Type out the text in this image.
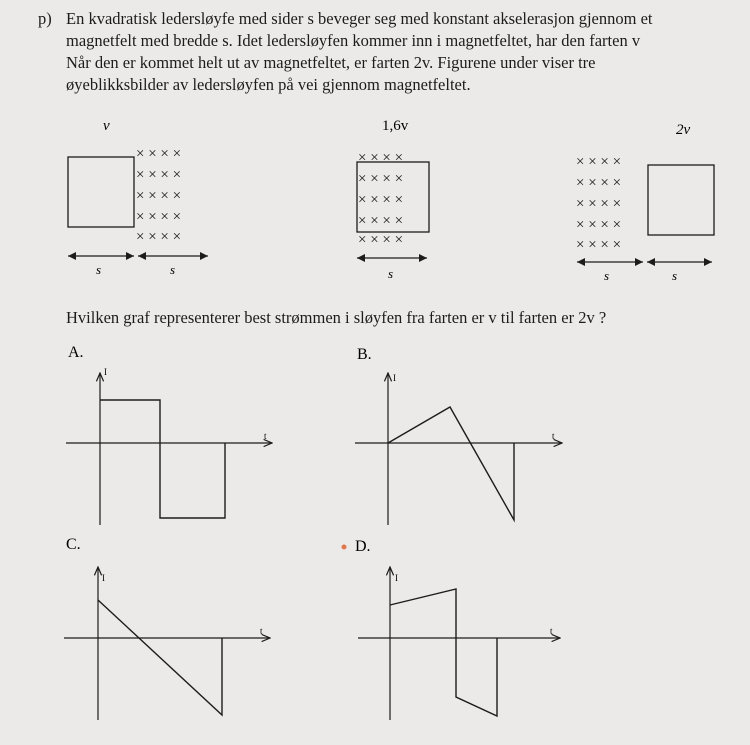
p) En kvadratisk ledersløyfe med sider s beveger seg med konstant akselerasjon gjennom et
magnetfelt med bredde s. Idet ledersløyfen kommer inn i magnetfeltet, har den farten v
Når den er kommet helt ut av magnetfeltet, er farten 2v. Figurene under viser tre
øyeblikksbilder av ledersløyfen på vei gjennom magnetfeltet.
v
× × × ×
× × × ×
× × × ×
× × × ×
× × × ×
s	s
1,6v
× × × ×
× × × ×
× × × ×
× × × ×
× × × ×
s
2v
× × × ×
× × × ×
× × × ×
× × × ×
× × × ×
s	s
Hvilken graf representerer best strømmen i sløyfen fra farten er v til farten er 2v ?
A.
I
t
B.
I
t
C.
I
t
D.
I
t
